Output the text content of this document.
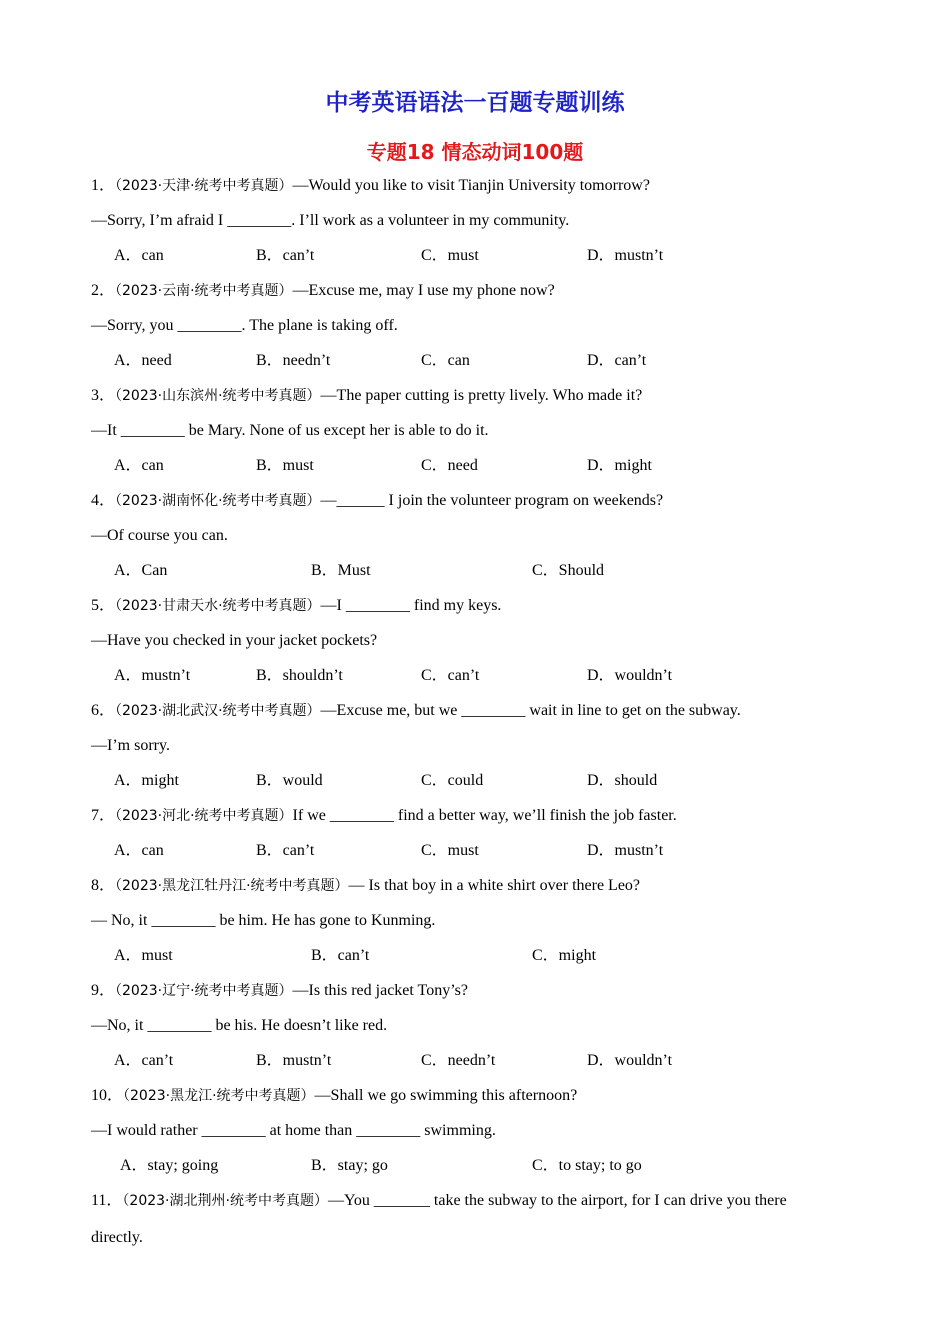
中考英语语法一百题专题训练
专题18 情态动词100题
1．（2023·天津·统考中考真题）—Would you like to visit Tianjin University tomorrow?
—Sorry, I’m afraid I ________. I’ll work as a volunteer in my community.
A．can	B．can’t	C．must	D．mustn’t
2．（2023·云南·统考中考真题）—Excuse me, may I use my phone now?
—Sorry, you ________. The plane is taking off.
A．need	B．needn’t	C．can	D．can’t
3．（2023·山东滨州·统考中考真题）—The paper cutting is pretty lively. Who made it?
—It ________ be Mary. None of us except her is able to do it.
A．can	B．must	C．need	D．might
4．（2023·湖南怀化·统考中考真题）—______ I join the volunteer program on weekends?
—Of course you can.
A．Can	B．Must	C．Should
5．（2023·甘肃天水·统考中考真题）—I ________ find my keys.
—Have you checked in your jacket pockets?
A．mustn’t	B．shouldn’t	C．can’t	D．wouldn’t
6．（2023·湖北武汉·统考中考真题）—Excuse me, but we ________ wait in line to get on the subway.
—I’m sorry.
A．might	B．would	C．could	D．should
7．（2023·河北·统考中考真题）If we ________ find a better way, we’ll finish the job faster.
A．can	B．can’t	C．must	D．mustn’t
8．（2023·黑龙江牡丹江·统考中考真题）— Is that boy in a white shirt over there Leo?
— No, it ________ be him. He has gone to Kunming.
A．must	B．can’t	C．might
9．（2023·辽宁·统考中考真题）—Is this red jacket Tony’s?
—No, it ________ be his. He doesn’t like red.
A．can’t	B．mustn’t	C．needn’t	D．wouldn’t
10．（2023·黑龙江·统考中考真题）—Shall we go swimming this afternoon?
—I would rather ________ at home than ________ swimming.
A．stay; going	B．stay; go	C．to stay; to go
11．（2023·湖北荆州·统考中考真题）—You _______ take the subway to the airport, for I can drive you there
directly.
